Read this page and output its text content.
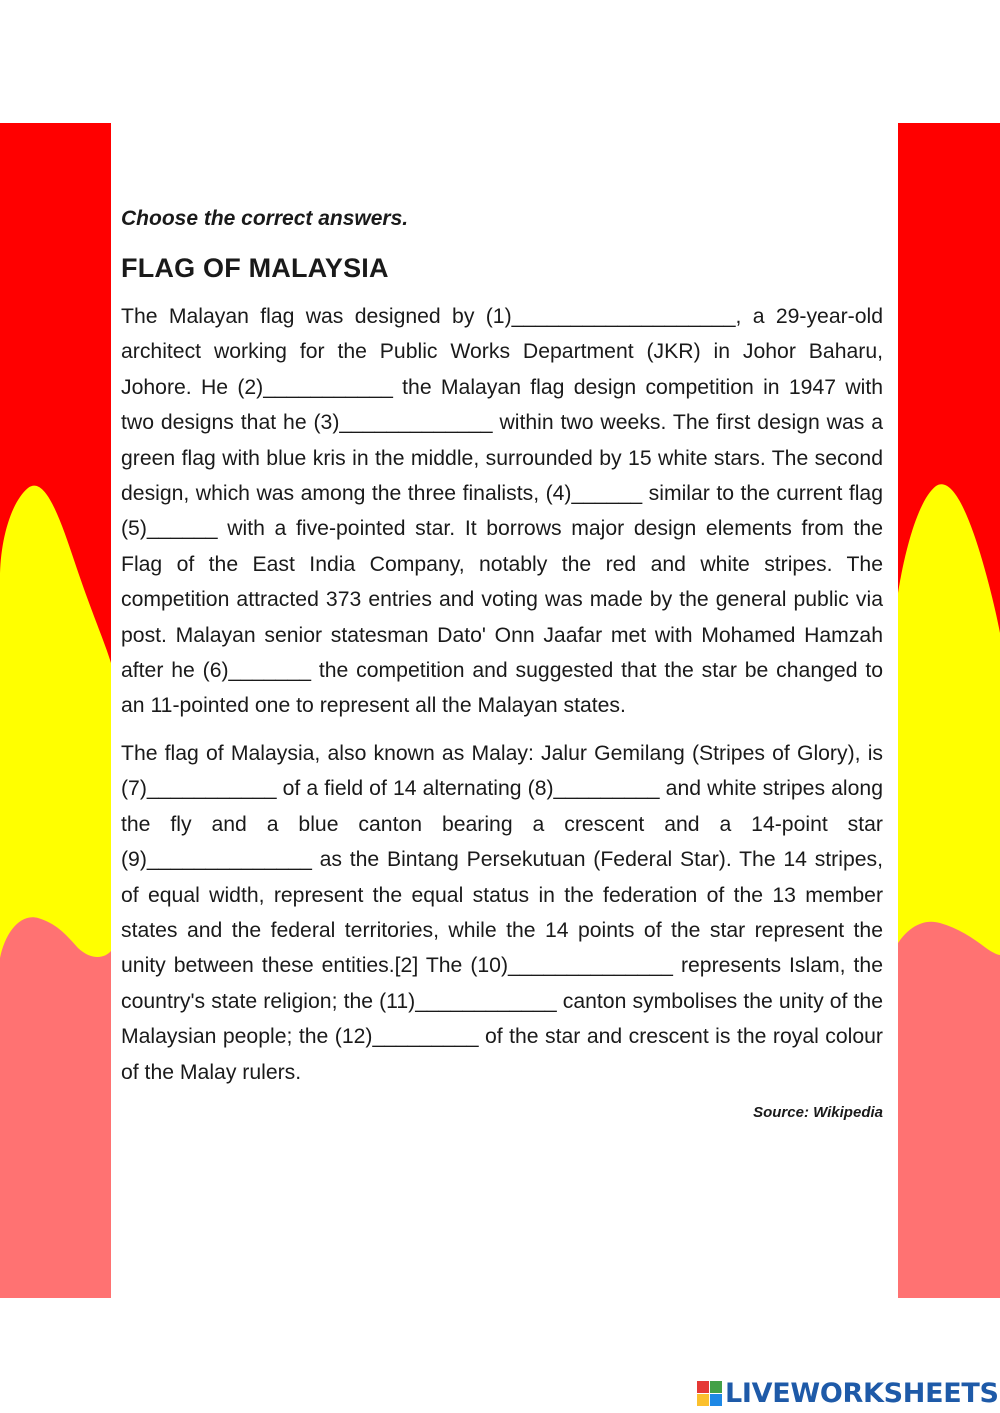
Choose the correct answers.

FLAG OF MALAYSIA

The Malayan flag was designed by (1)___________________, a 29-year-old architect working for the Public Works Department (JKR) in Johor Baharu, Johore. He (2)___________ the Malayan flag design competition in 1947 with two designs that he (3)_____________ within two weeks. The first design was a green flag with blue kris in the middle, surrounded by 15 white stars. The second design, which was among the three finalists, (4)______ similar to the current flag (5)______ with a five-pointed star. It borrows major design elements from the Flag of the East India Company, notably the red and white stripes. The competition attracted 373 entries and voting was made by the general public via post. Malayan senior statesman Dato' Onn Jaafar met with Mohamed Hamzah after he (6)_______ the competition and suggested that the star be changed to an 11-pointed one to represent all the Malayan states.

The flag of Malaysia, also known as Malay: Jalur Gemilang (Stripes of Glory), is (7)___________ of a field of 14 alternating (8)_________ and white stripes along the fly and a blue canton bearing a crescent and a 14-point star (9)______________ as the Bintang Persekutuan (Federal Star). The 14 stripes, of equal width, represent the equal status in the federation of the 13 member states and the federal territories, while the 14 points of the star represent the unity between these entities.[2] The (10)______________ represents Islam, the country's state religion; the (11)____________ canton symbolises the unity of the Malaysian people; the (12)_________ of the star and crescent is the royal colour of the Malay rulers.

Source: Wikipedia
LIVEWORKSHEETS
